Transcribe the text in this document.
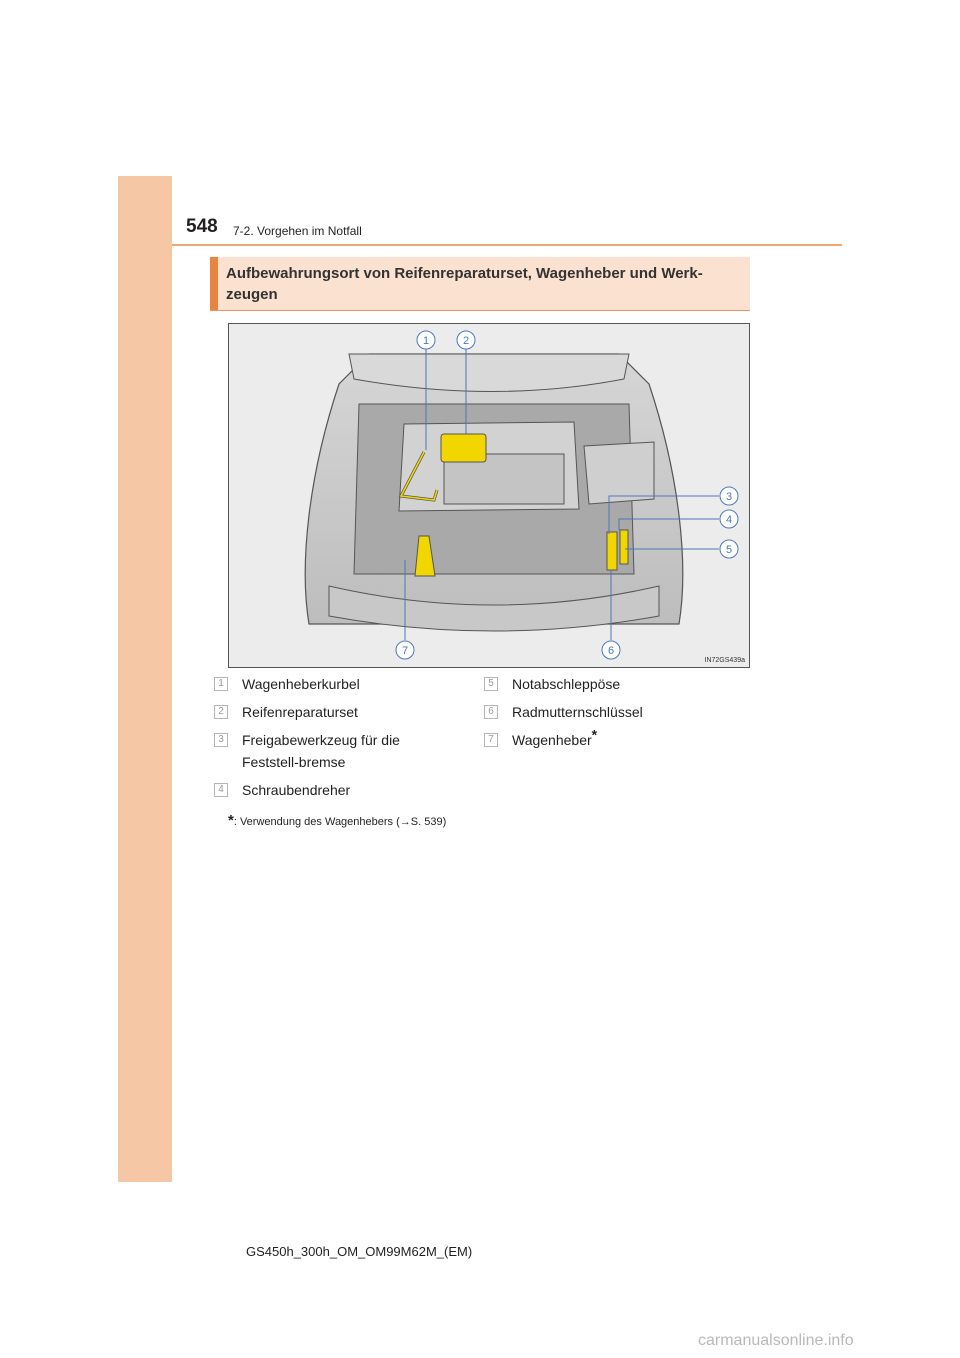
548 7-2. Vorgehen im Notfall
Aufbewahrungsort von Reifenreparaturset, Wagenheber und Werk-zeugen
1	2
3
4
5
6
7
IN72GS439a
1	Wagenheberkurbel
2	Reifenreparaturset
3	Freigabewerkzeug für die Feststell-bremse
4	Schraubendreher
5	Notabschleppöse
6	Radmutternschlüssel
7	Wagenheber*
*: Verwendung des Wagenhebers (→S. 539)
GS450h_300h_OM_OM99M62M_(EM)
carmanualsonline.info
